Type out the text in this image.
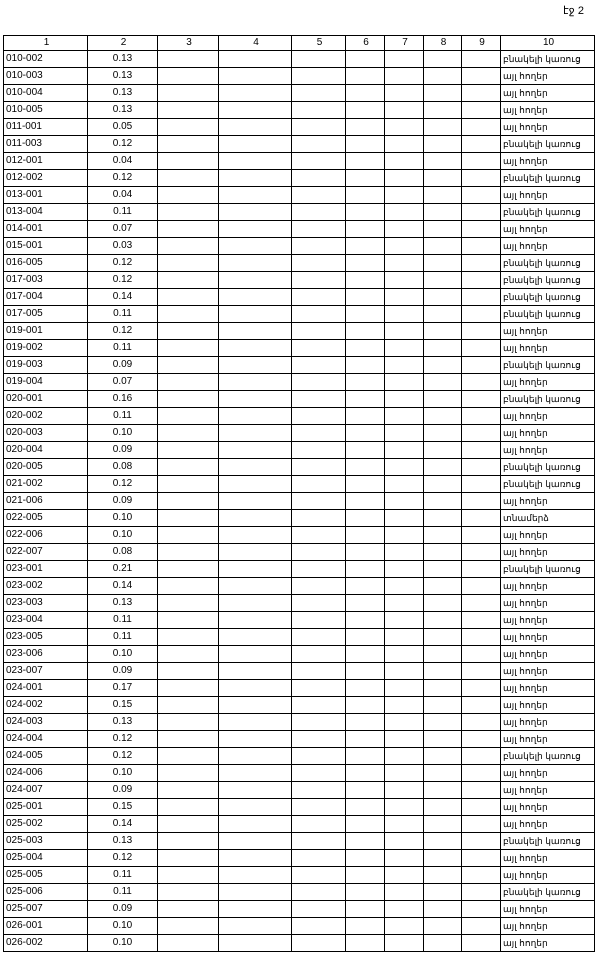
էջ 2
1	2	3	4	5	6	7	8	9	10
010-002	0.13								բնակելի կառուց
010-003	0.13								այլ հողեր
010-004	0.13								այլ հողեր
010-005	0.13								այլ հողեր
011-001	0.05								այլ հողեր
011-003	0.12								բնակելի կառուց
012-001	0.04								այլ հողեր
012-002	0.12								բնակելի կառուց
013-001	0.04								այլ հողեր
013-004	0.11								բնակելի կառուց
014-001	0.07								այլ հողեր
015-001	0.03								այլ հողեր
016-005	0.12								բնակելի կառուց
017-003	0.12								բնակելի կառուց
017-004	0.14								բնակելի կառուց
017-005	0.11								բնակելի կառուց
019-001	0.12								այլ հողեր
019-002	0.11								այլ հողեր
019-003	0.09								բնակելի կառուց
019-004	0.07								այլ հողեր
020-001	0.16								բնակելի կառուց
020-002	0.11								այլ հողեր
020-003	0.10								այլ հողեր
020-004	0.09								այլ հողեր
020-005	0.08								բնակելի կառուց
021-002	0.12								բնակելի կառուց
021-006	0.09								այլ հողեր
022-005	0.10								տնամերձ
022-006	0.10								այլ հողեր
022-007	0.08								այլ հողեր
023-001	0.21								բնակելի կառուց
023-002	0.14								այլ հողեր
023-003	0.13								այլ հողեր
023-004	0.11								այլ հողեր
023-005	0.11								այլ հողեր
023-006	0.10								այլ հողեր
023-007	0.09								այլ հողեր
024-001	0.17								այլ հողեր
024-002	0.15								այլ հողեր
024-003	0.13								այլ հողեր
024-004	0.12								այլ հողեր
024-005	0.12								բնակելի կառուց
024-006	0.10								այլ հողեր
024-007	0.09								այլ հողեր
025-001	0.15								այլ հողեր
025-002	0.14								այլ հողեր
025-003	0.13								բնակելի կառուց
025-004	0.12								այլ հողեր
025-005	0.11								այլ հողեր
025-006	0.11								բնակելի կառուց
025-007	0.09								այլ հողեր
026-001	0.10								այլ հողեր
026-002	0.10								այլ հողեր
